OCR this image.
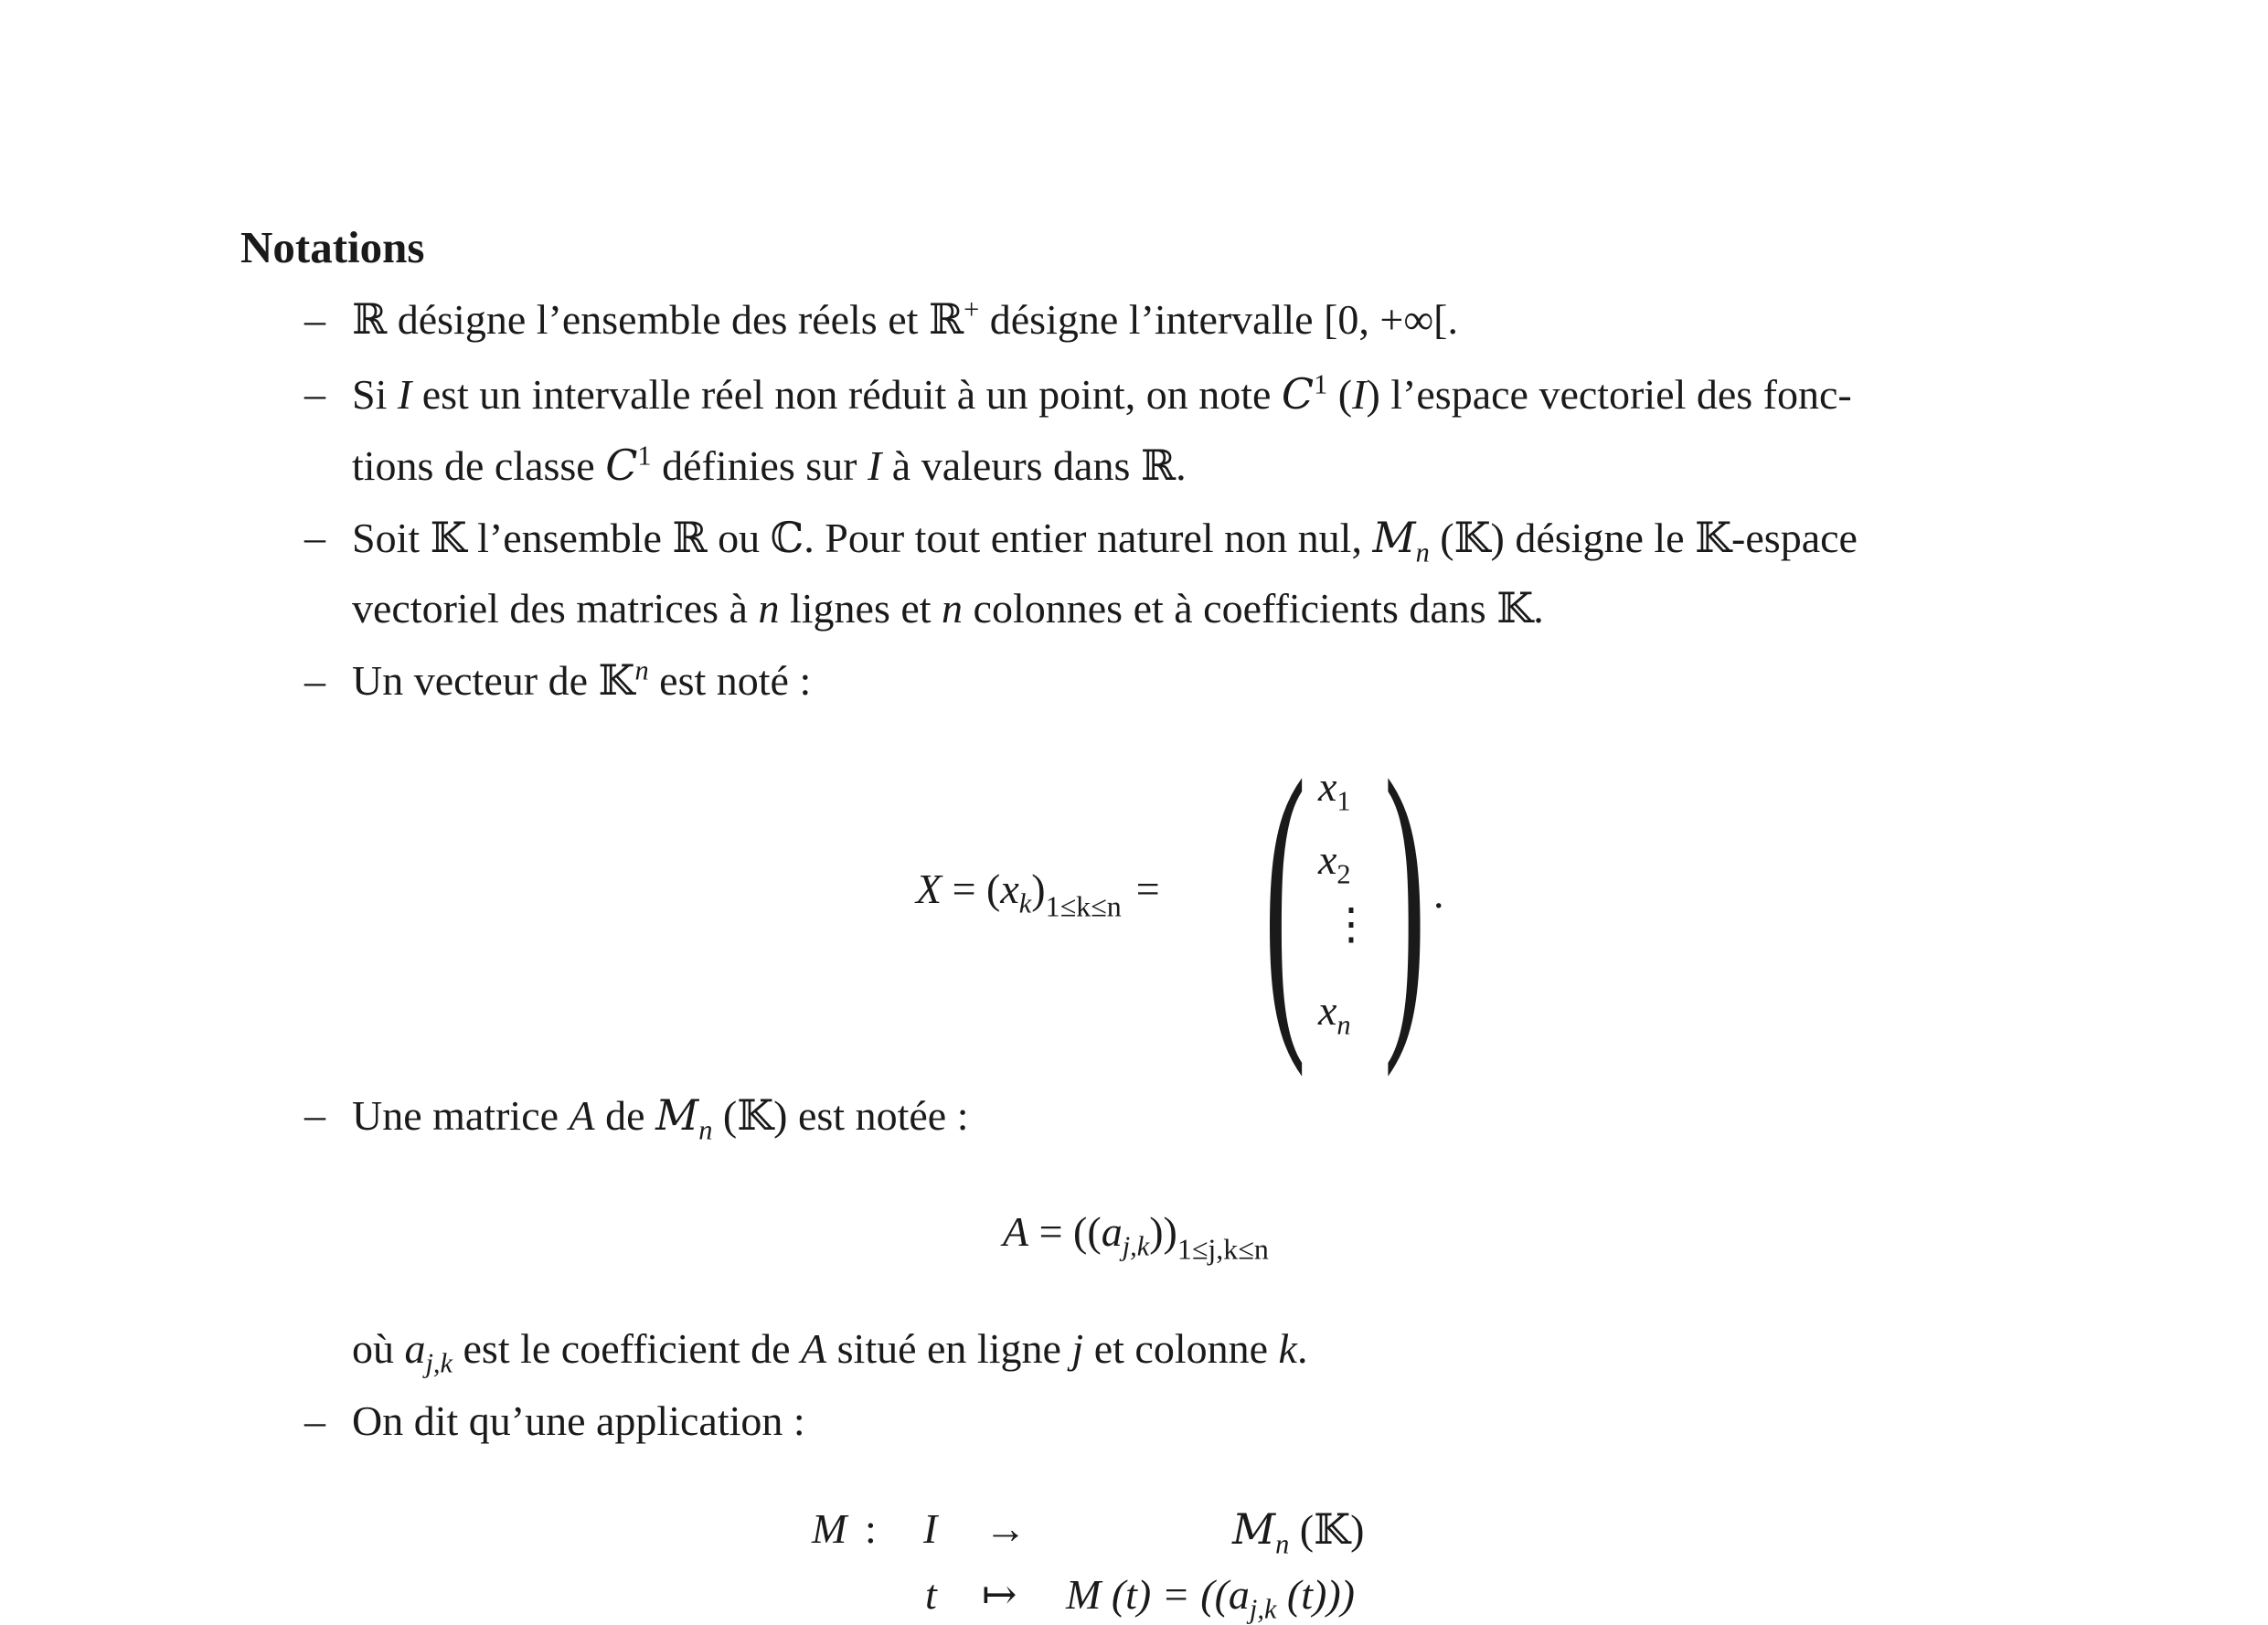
Notations
– ℝ désigne l’ensemble des réels et ℝ+ désigne l’intervalle [0, +∞[.
– Si I est un intervalle réel non réduit à un point, on note $C^1$ (I) l’espace vectoriel des fonc-
tions de classe $C^1$ définies sur I à valeurs dans ℝ.
– Soit 𝕂 l’ensemble ℝ ou ℂ. Pour tout entier naturel non nul, $M_n$ (𝕂) désigne le 𝕂-espace
vectoriel des matrices à n lignes et n colonnes et à coefficients dans 𝕂.
– Un vecteur de 𝕂$^n$ est noté :
$X = (x_k)_{1\le k\le n}$ = ( )
$x_1$
$x_2$
⋮
$x_n$
.
– Une matrice A de $M_n$ (𝕂) est notée :
$A = ((a_{j,k}))_{1\le j,k\le n}$
où $a_{j,k}$ est le coefficient de A situé en ligne j et colonne k.
– On dit qu’une application :
M : I →	$M_n$ (𝕂)
t ↦ M $(t) = ((a_{j,k}$ (t)))
